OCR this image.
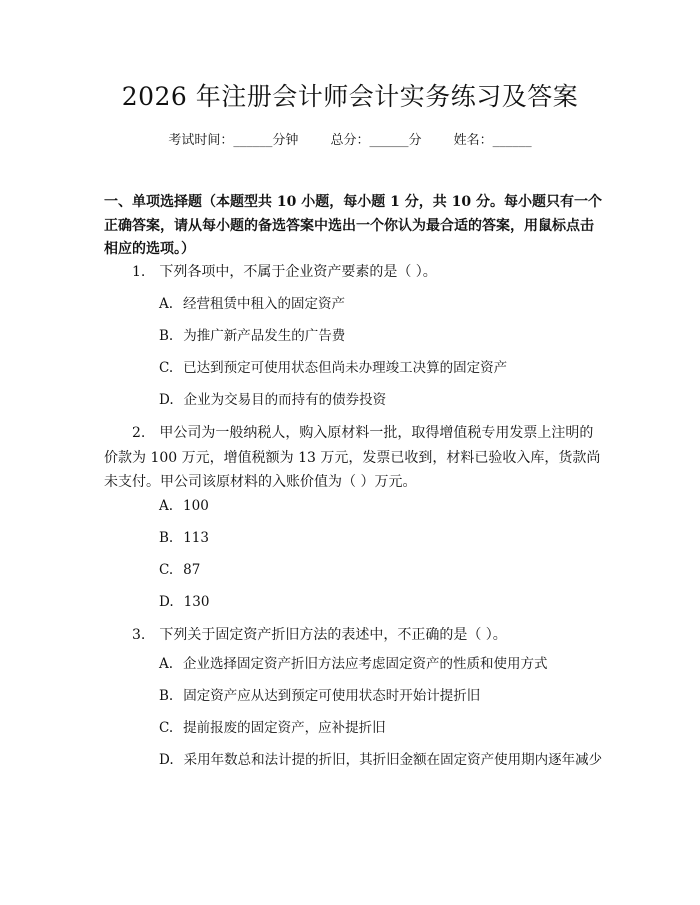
2026 年注册会计师会计实务练习及答案
考试时间：______分钟 总分：______分 姓名：______
一、单项选择题（本题型共 10 小题，每小题 1 分，共 10 分。每小题只有一个正确答案，请从每小题的备选答案中选出一个你认为最合适的答案，用鼠标点击相应的选项。）
1.　下列各项中，不属于企业资产要素的是（ ）。
A. 经营租赁中租入的固定资产
B. 为推广新产品发生的广告费
C. 已达到预定可使用状态但尚未办理竣工决算的固定资产
D. 企业为交易目的而持有的债券投资
2.　甲公司为一般纳税人，购入原材料一批，取得增值税专用发票上注明的价款为 100 万元，增值税额为 13 万元，发票已收到，材料已验收入库，货款尚未支付。甲公司该原材料的入账价值为（ ）万元。
A. 100
B. 113
C. 87
D. 130
3.　下列关于固定资产折旧方法的表述中，不正确的是（ ）。
A. 企业选择固定资产折旧方法应考虑固定资产的性质和使用方式
B. 固定资产应从达到预定可使用状态时开始计提折旧
C. 提前报废的固定资产，应补提折旧
D. 采用年数总和法计提的折旧，其折旧金额在固定资产使用期内逐年减少
